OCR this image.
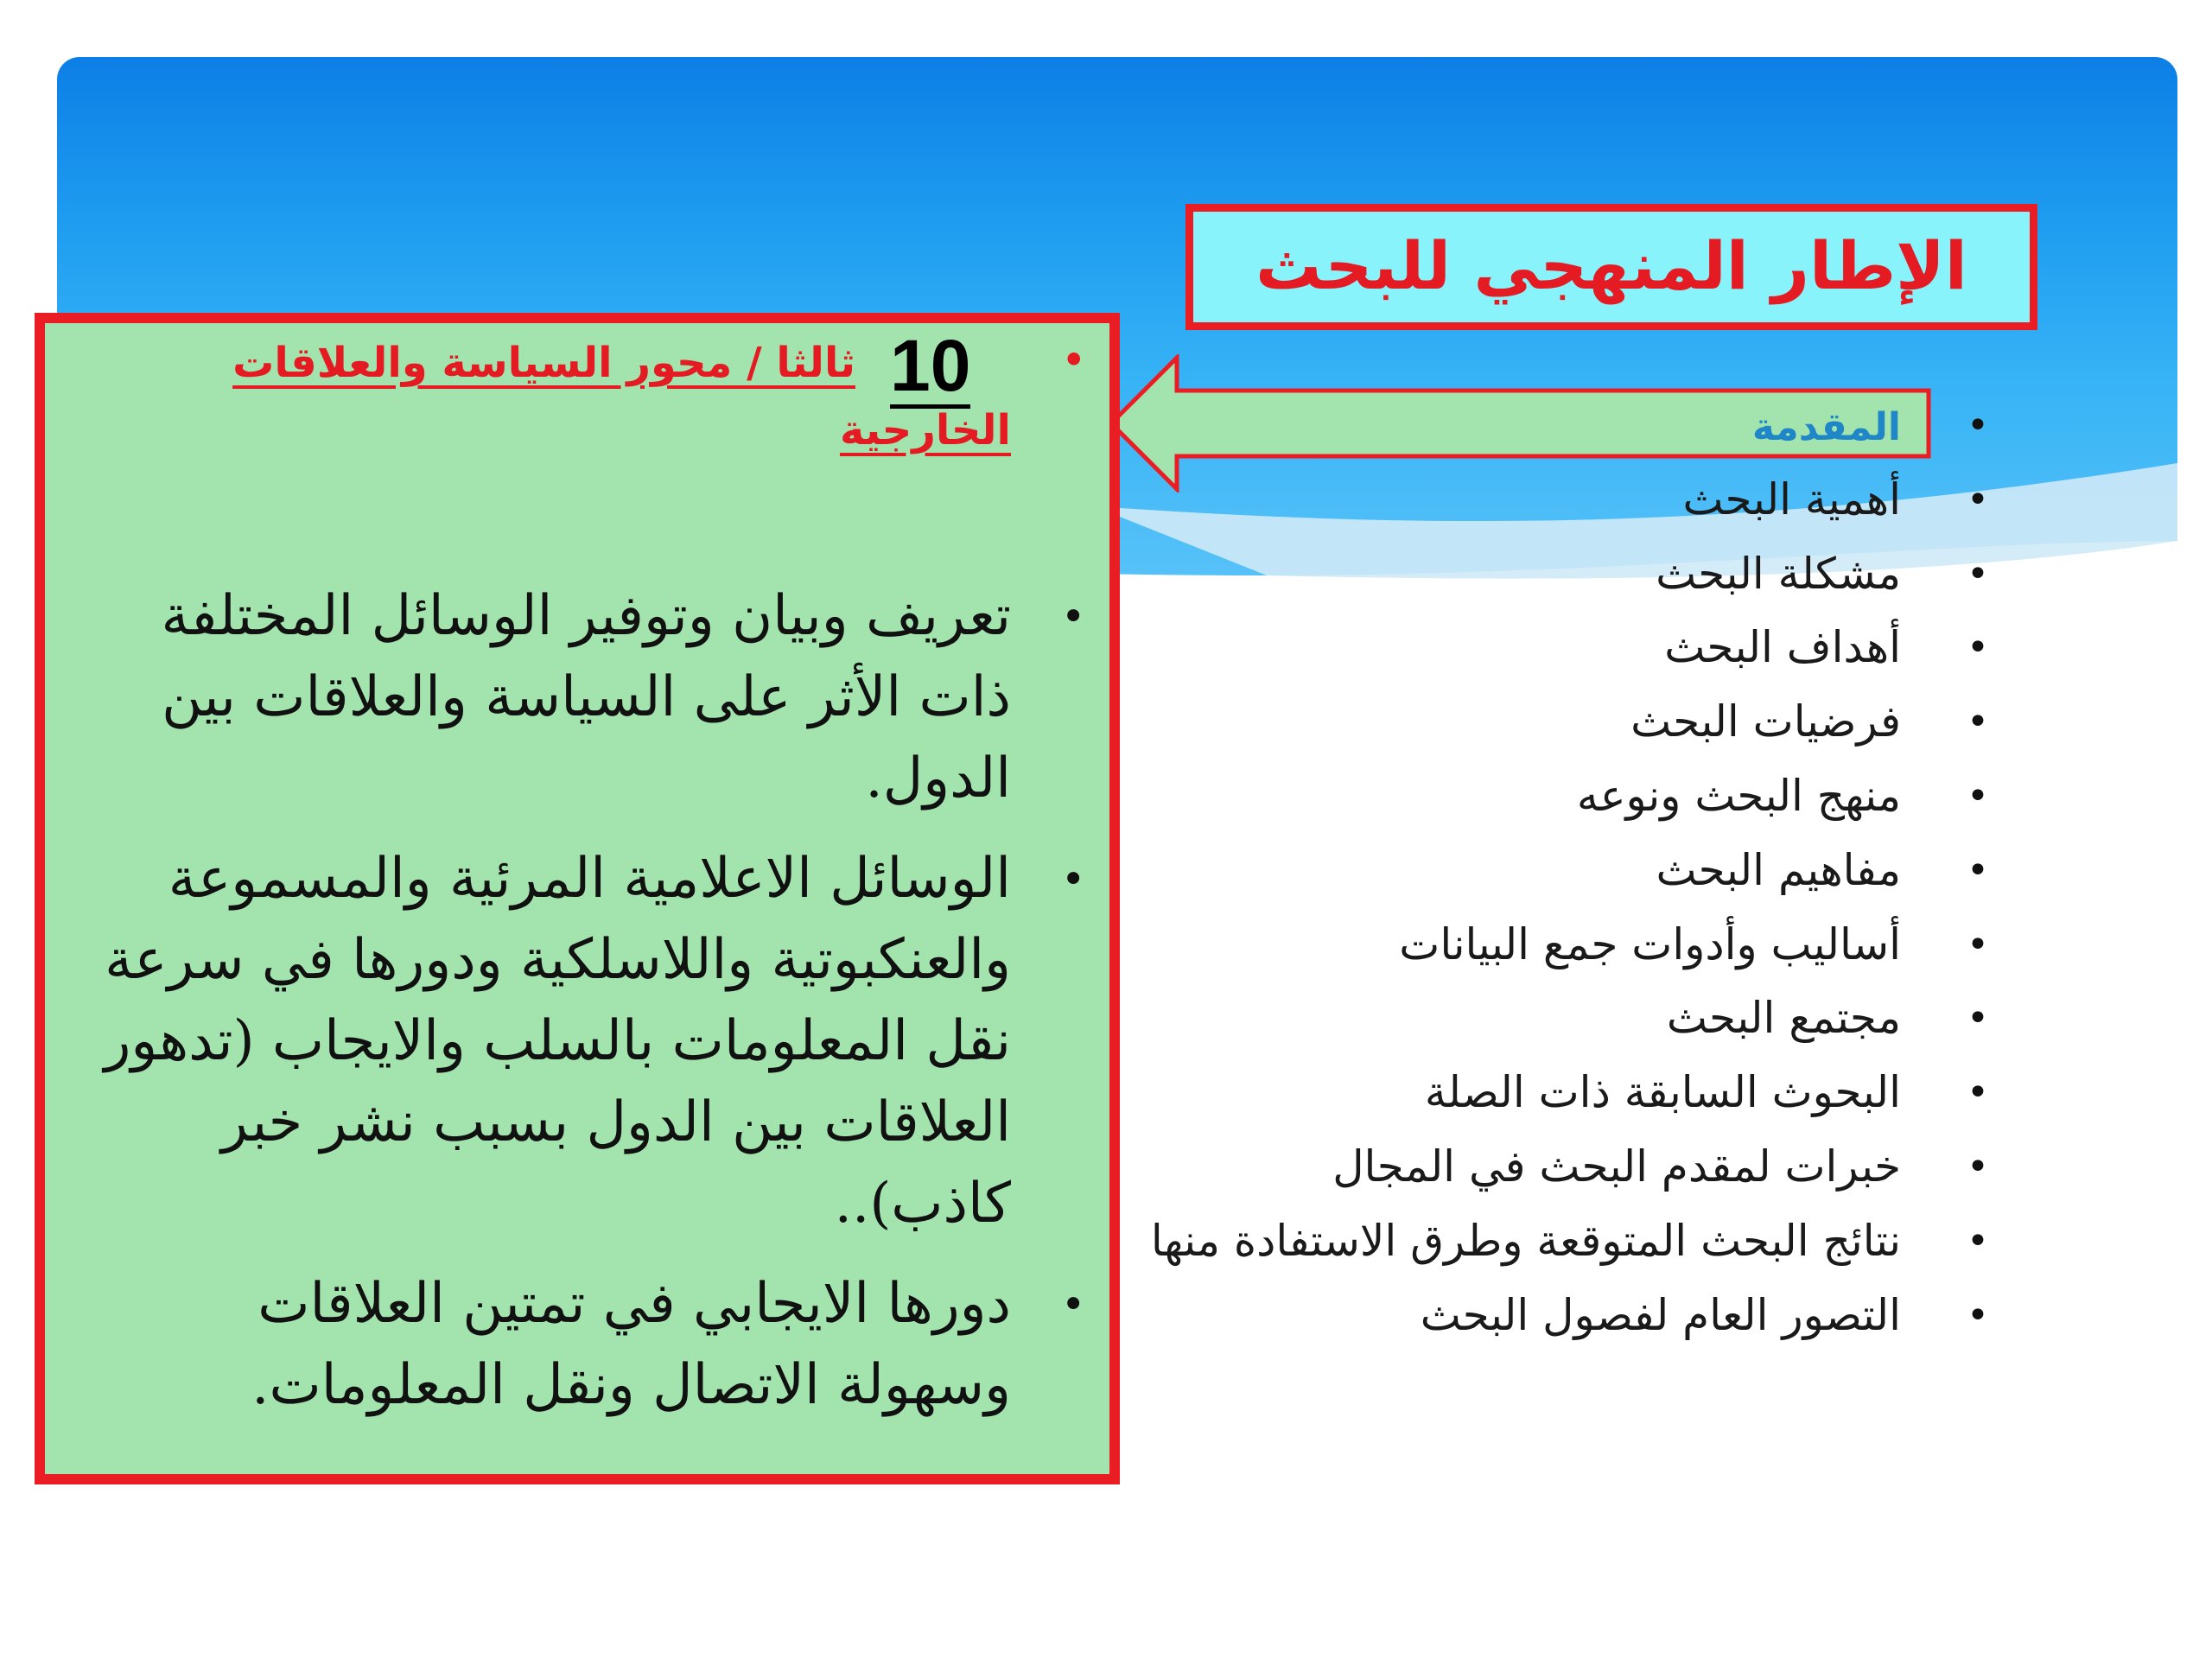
الإطار المنهجي للبحث
•
المقدمة
•
أهمية البحث
•
مشكلة البحث
•
أهداف البحث
•
فرضيات البحث
•
منهج البحث ونوعه
•
مفاهيم البحث
•
أساليب وأدوات جمع البيانات
•
مجتمع البحث
•
البحوث السابقة ذات الصلة
•
خبرات لمقدم البحث في المجال
•
نتائج البحث المتوقعة وطرق الاستفادة منها
•
التصور العام لفصول البحث
•
10
ثالثا / محور السياسة والعلاقات
الخارجية
•
تعريف وبيان وتوفير الوسائل المختلفة ذات الأثر على السياسة والعلاقات بين الدول.
•
الوسائل الاعلامية المرئية والمسموعة والعنكبوتية واللاسلكية ودورها في سرعة نقل المعلومات بالسلب والايجاب (تدهور العلاقات بين الدول بسبب نشر خبر كاذب)..
•
دورها الايجابي في تمتين العلاقات وسهولة الاتصال ونقل المعلومات.
